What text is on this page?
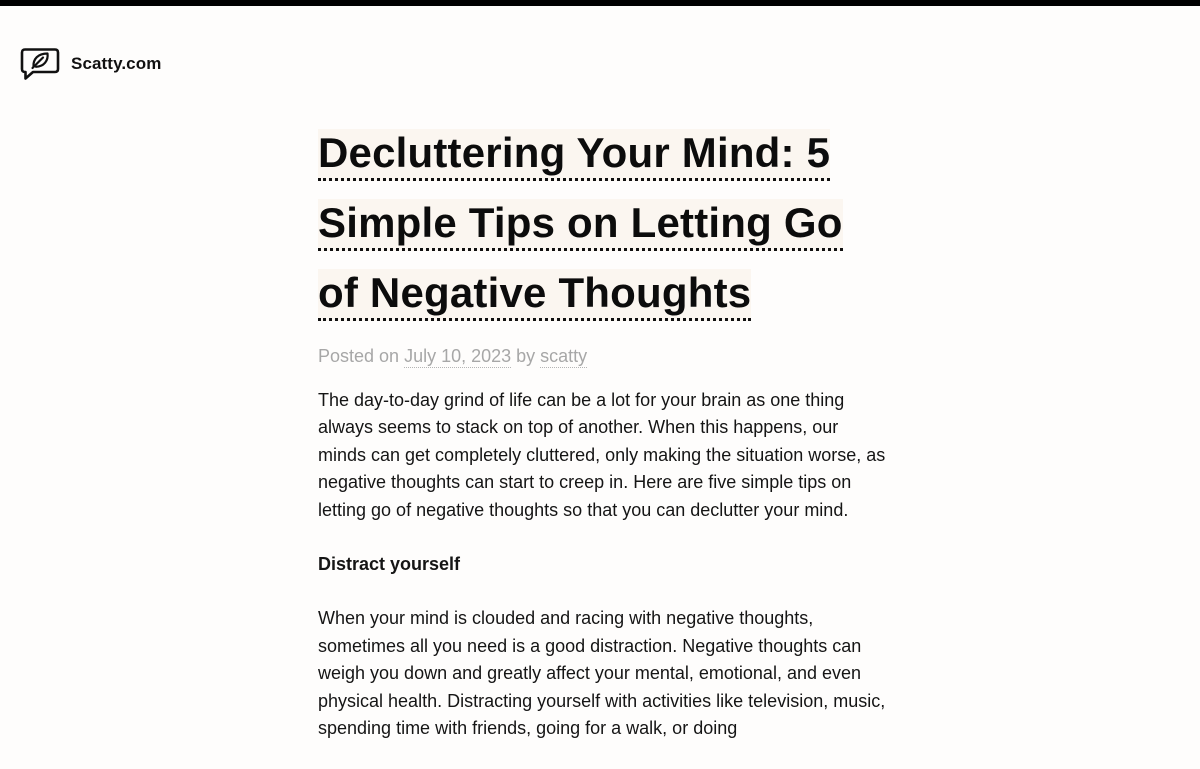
Scatty.com
Decluttering Your Mind: 5 Simple Tips on Letting Go of Negative Thoughts
Posted on July 10, 2023 by scatty

The day-to-day grind of life can be a lot for your brain as one thing always seems to stack on top of another. When this happens, our minds can get completely cluttered, only making the situation worse, as negative thoughts can start to creep in. Here are five simple tips on letting go of negative thoughts so that you can declutter your mind.

Distract yourself

When your mind is clouded and racing with negative thoughts, sometimes all you need is a good distraction. Negative thoughts can weigh you down and greatly affect your mental, emotional, and even physical health. Distracting yourself with activities like television, music, spending time with friends, going for a walk, or doing
